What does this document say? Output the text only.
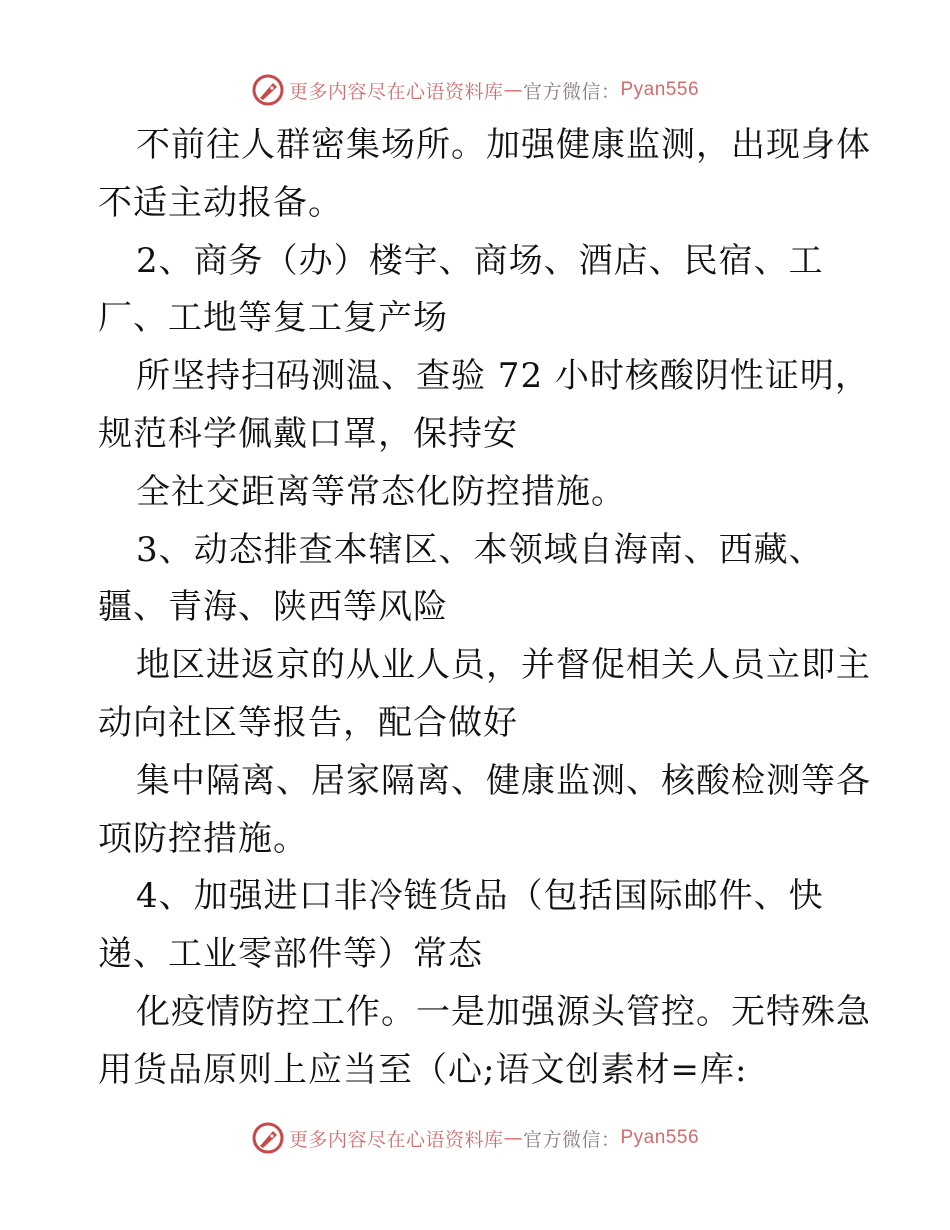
更多内容尽在心语资料库 — 官方微信： Pyan556
不前往人群密集场所。加强健康监测，出现身体
不适主动报备。
2、商务（办）楼宇、商场、酒店、民宿、工
厂、工地等复工复产场
所坚持扫码测温、查验 72 小时核酸阴性证明，
规范科学佩戴口罩，保持安
全社交距离等常态化防控措施。
3、动态排查本辖区、本领域自海南、西藏、
疆、青海、陕西等风险
地区进返京的从业人员，并督促相关人员立即主
动向社区等报告，配合做好
集中隔离、居家隔离、健康监测、核酸检测等各
项防控措施。
4、加强进口非冷链货品（包括国际邮件、快
递、工业零部件等）常态
化疫情防控工作。一是加强源头管控。无特殊急
用货品原则上应当至（心;语文创素材=库:
更多内容尽在心语资料库 — 官方微信： Pyan556
